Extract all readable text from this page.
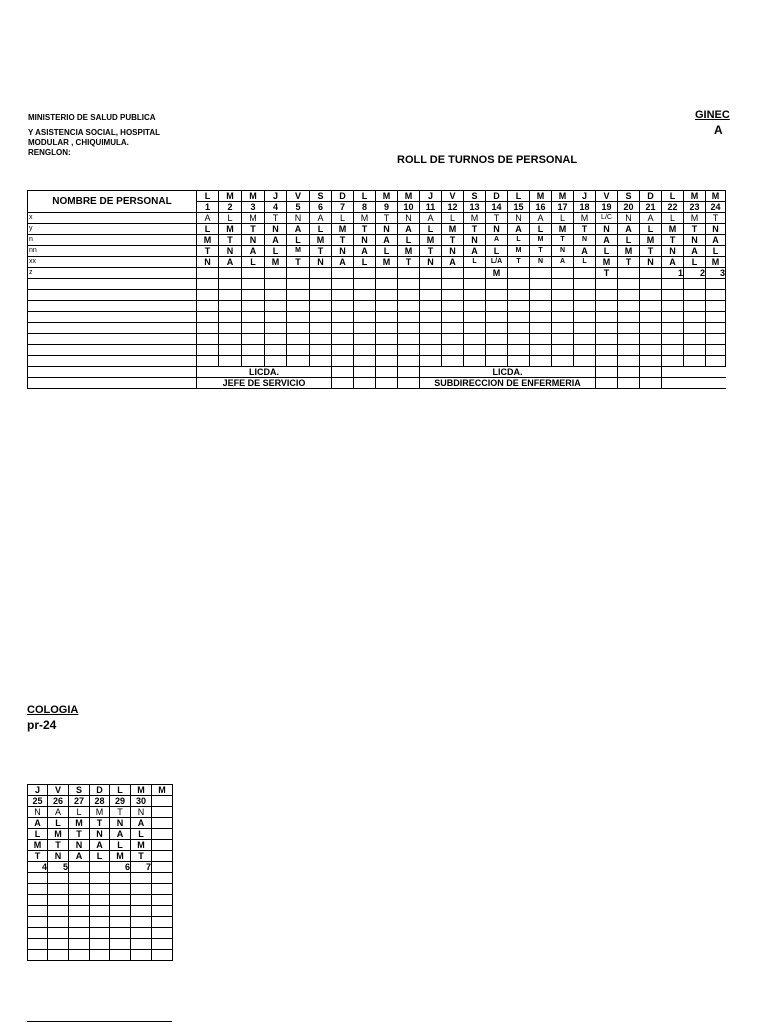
MINISTERIO DE SALUD PUBLICA
Y ASISTENCIA SOCIAL, HOSPITAL
MODULAR , CHIQUIMULA.
RENGLON:
ROLL DE TURNOS DE PERSONAL
GINEC
A
NOMBRE DE PERSONAL	L	M	M	J	V	S	D	L	M	M	J	V	S	D	L	M	M	J	V	S	D	L	M	M
	1	2	3	4	5	6	7	8	9	10	11	12	13	14	15	16	17	18	19	20	21	22	23	24
x	A	L	M	T	N	A	L	M	T	N	A	L	M	T	N	A	L	M	L/C	N	A	L	M	T
y	L	M	T	N	A	L	M	T	N	A	L	M	T	N	A	L	M	T	N	A	L	M	T	N
n	M	T	N	A	L	M	T	N	A	L	M	T	N	A	L	M	T	N	A	L	M	T	N	A
nn	T	N	A	L	M	T	N	A	L	M	T	N	A	L	M	T	N	A	L	M	T	N	A	L
xx	N	A	L	M	T	N	A	L	M	T	N	A	L	L/A	T	N	A	L	M	T	N	A	L	M
z														M					T			1	2	3

	LICDA.										LICDA.													
	JEFE DE SERVICIO										SUBDIRECCION DE ENFERMERIA													
COLOGIA
pr-24
J	V	S	D	L	M	M
25	26	27	28	29	30	
N	A	L	M	T	N	
A	L	M	T	N	A	
L	M	T	N	A	L	
M	T	N	A	L	M	
T	N	A	L	M	T	
4	5			6	7	
